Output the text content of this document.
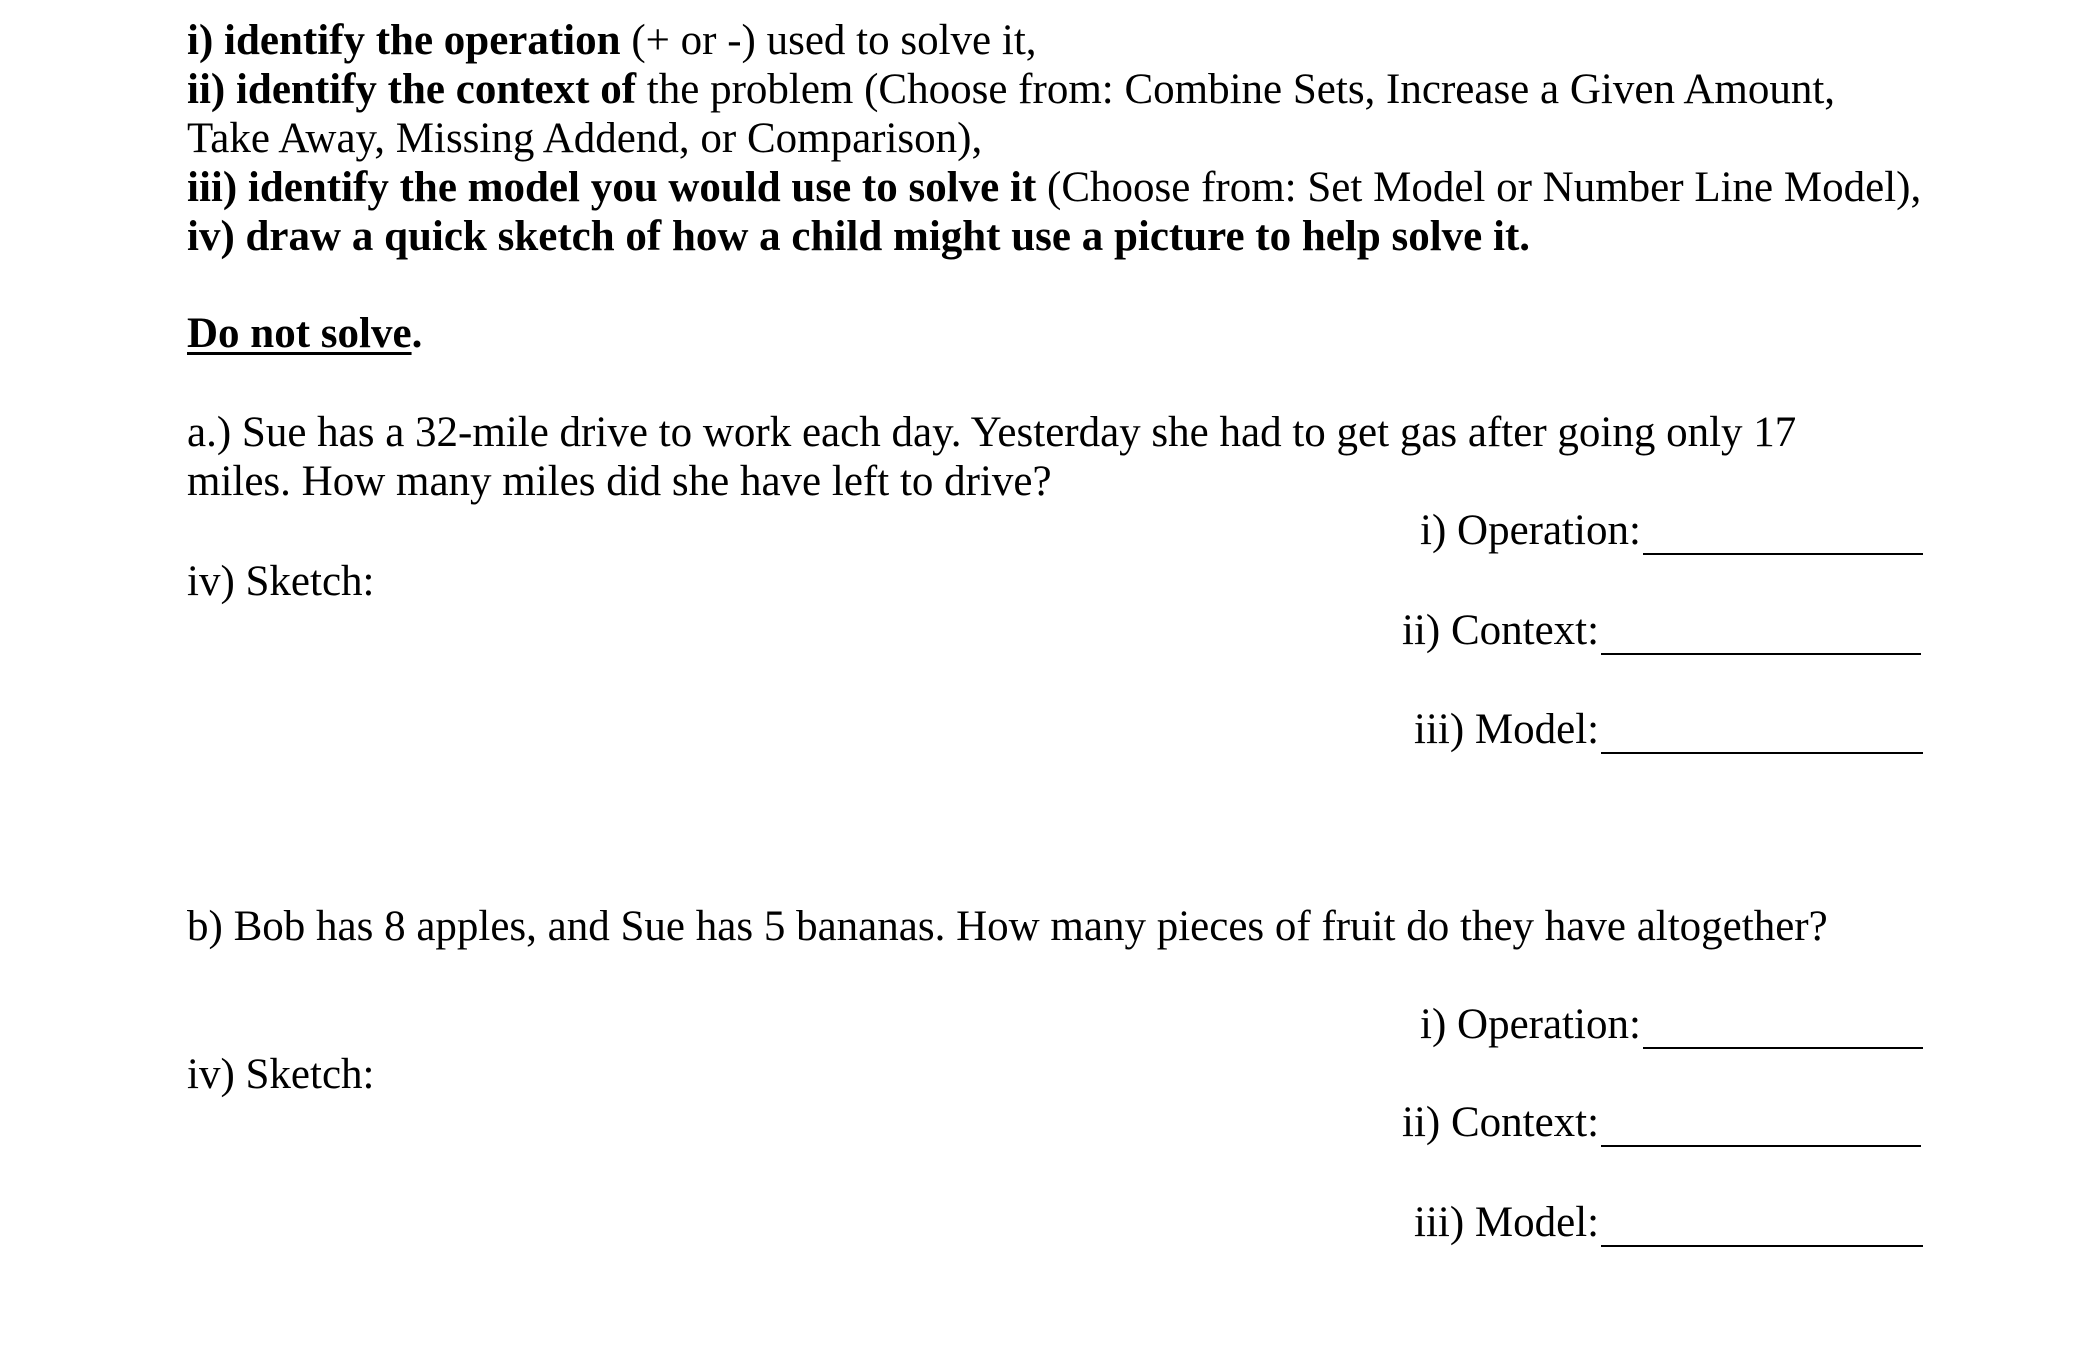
i) identify the operation (+ or -) used to solve it,
ii) identify the context of the problem (Choose from: Combine Sets, Increase a Given Amount,
Take Away, Missing Addend, or Comparison),
iii) identify the model you would use to solve it (Choose from: Set Model or Number Line Model),
iv) draw a quick sketch of how a child might use a picture to help solve it.
Do not solve.
a.) Sue has a 32-mile drive to work each day. Yesterday she had to get gas after going only 17
miles. How many miles did she have left to drive?
i) Operation:
iv) Sketch:
ii) Context:
iii) Model:
b) Bob has 8 apples, and Sue has 5 bananas. How many pieces of fruit do they have altogether?
i) Operation:
iv) Sketch:
ii) Context:
iii) Model:
